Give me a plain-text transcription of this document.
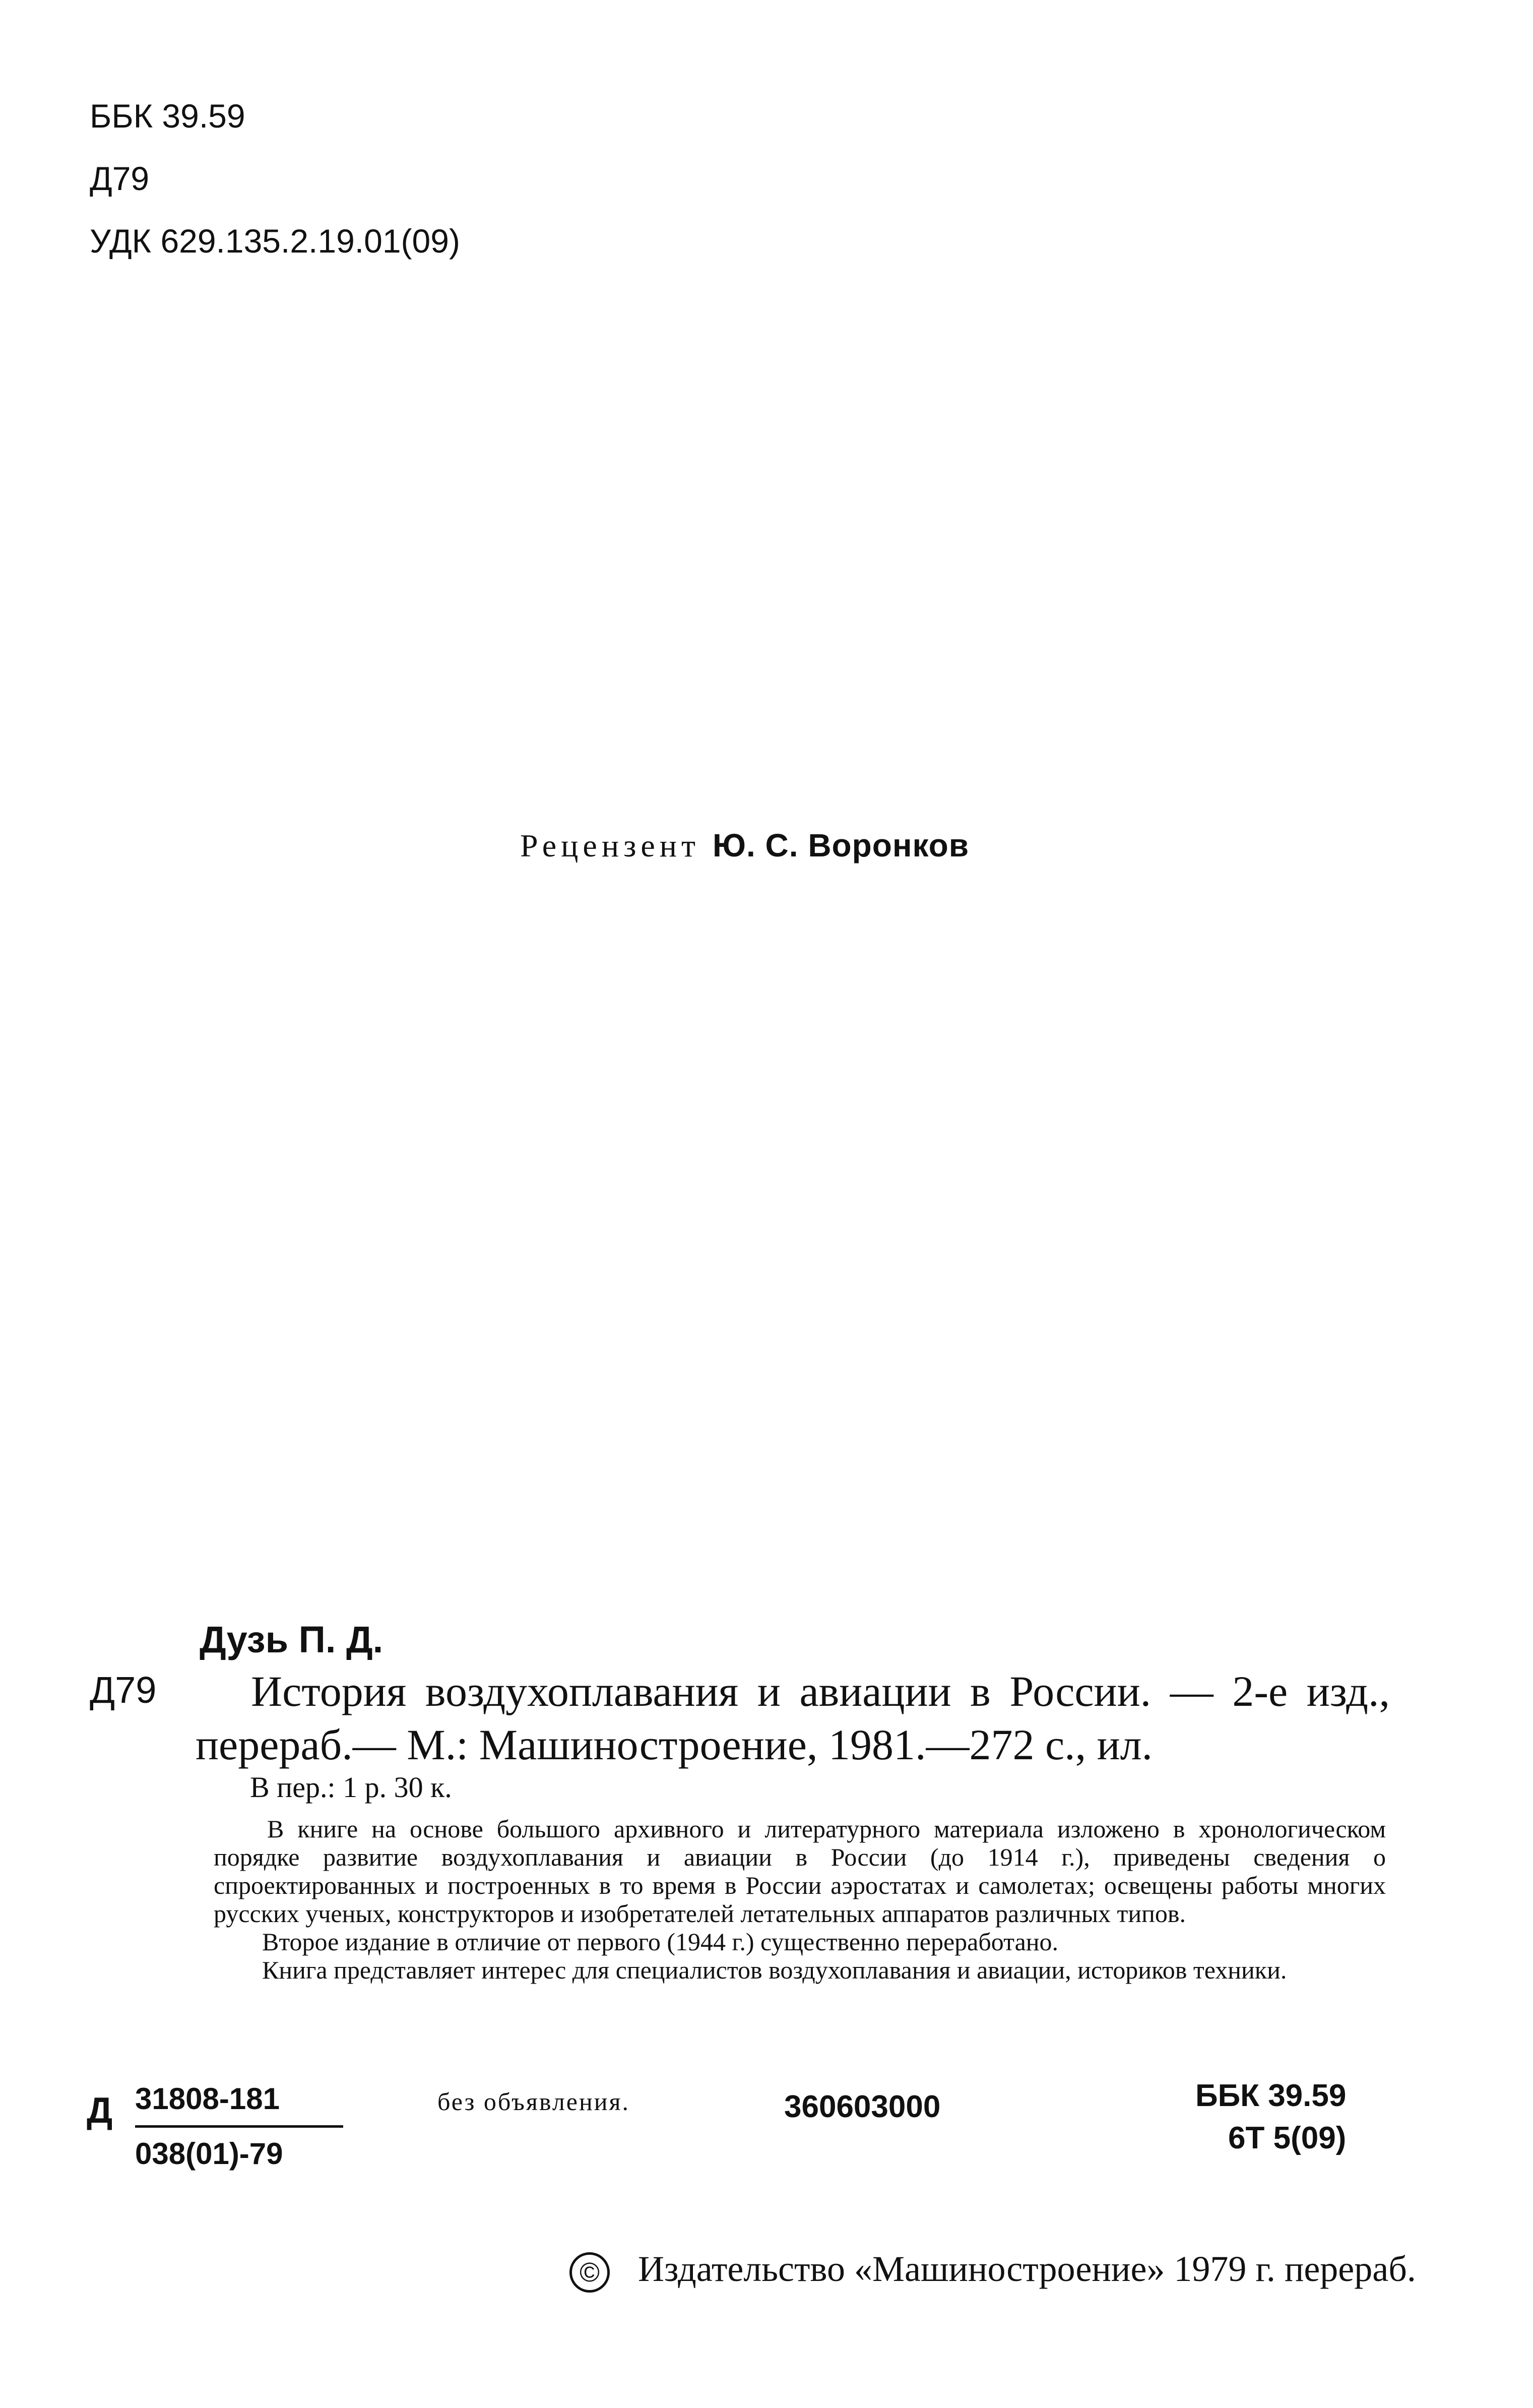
ББК 39.59
Д79
УДК 629.135.2.19.01(09)
Рецензент Ю. С. Воронков
Дузь П. Д.
Д79	История воздухоплавания и авиации в России. — 2-е изд., перераб.— М.: Машиностроение, 1981.—272 с., ил.
В пер.: 1 р. 30 к.

В книге на основе большого архивного и литературного материала изложено в хронологическом порядке развитие воздухоплавания и авиации в России (до 1914 г.), приведены сведения о спроектированных и построенных в то время в России аэростатах и самолетах; освещены работы многих русских ученых, конструкторов и изобретателей летательных аппаратов различных типов.

Второе издание в отличие от первого (1944 г.) существенно переработано.

Книга представляет интерес для специалистов воздухоплавания и авиации, историков техники.

Д 31808-181
038(01)-79
без объявления.	360603000	ББК 39.59
6Т 5(09)
© Издательство «Машиностроение» 1979 г. перераб.
